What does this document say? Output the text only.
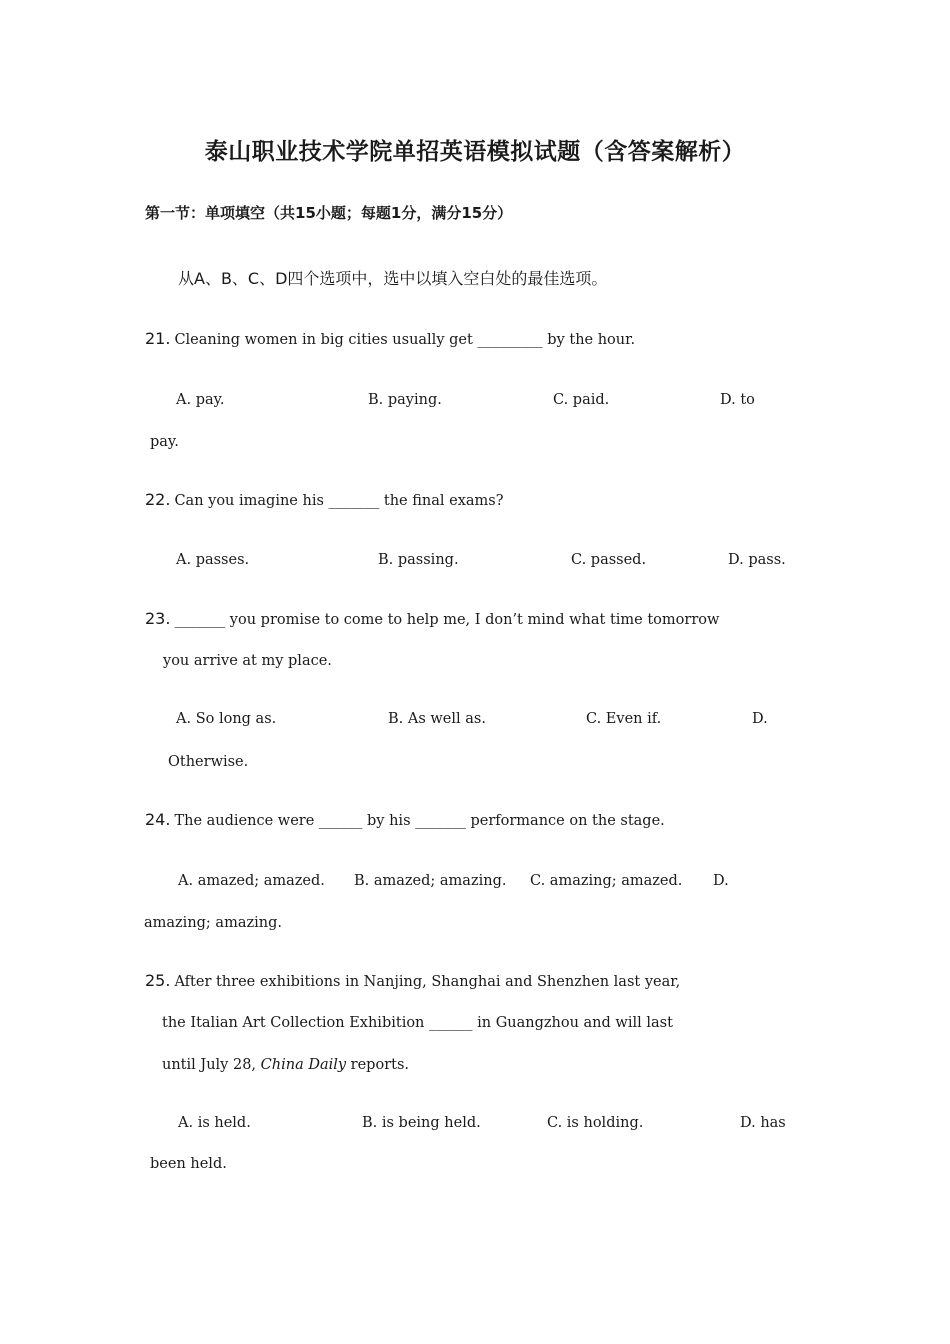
泰山职业技术学院单招英语模拟试题（含答案解析）
第一节：单项填空（共15小题；每题1分，满分15分）
从A、B、C、D四个选项中，选中以填入空白处的最佳选项。
21. Cleaning women in big cities usually get _________ by the hour.
A. pay.	B. paying.	C. paid.	D. to
pay.
22. Can you imagine his _______ the final exams?
A. passes.	B. passing.	C. passed.	D. pass.
23. _______ you promise to come to help me, I don’t mind what time tomorrow
you arrive at my place.
A. So long as.	B. As well as.	C. Even if.	D.
Otherwise.
24. The audience were ______ by his _______ performance on the stage.
A. amazed; amazed. B. amazed; amazing. C. amazing; amazed. D.
amazing; amazing.
25. After three exhibitions in Nanjing, Shanghai and Shenzhen last year,
the Italian Art Collection Exhibition ______ in Guangzhou and will last
until July 28, China Daily reports.
A. is held.	B. is being held.	C. is holding.	D. has
been held.
